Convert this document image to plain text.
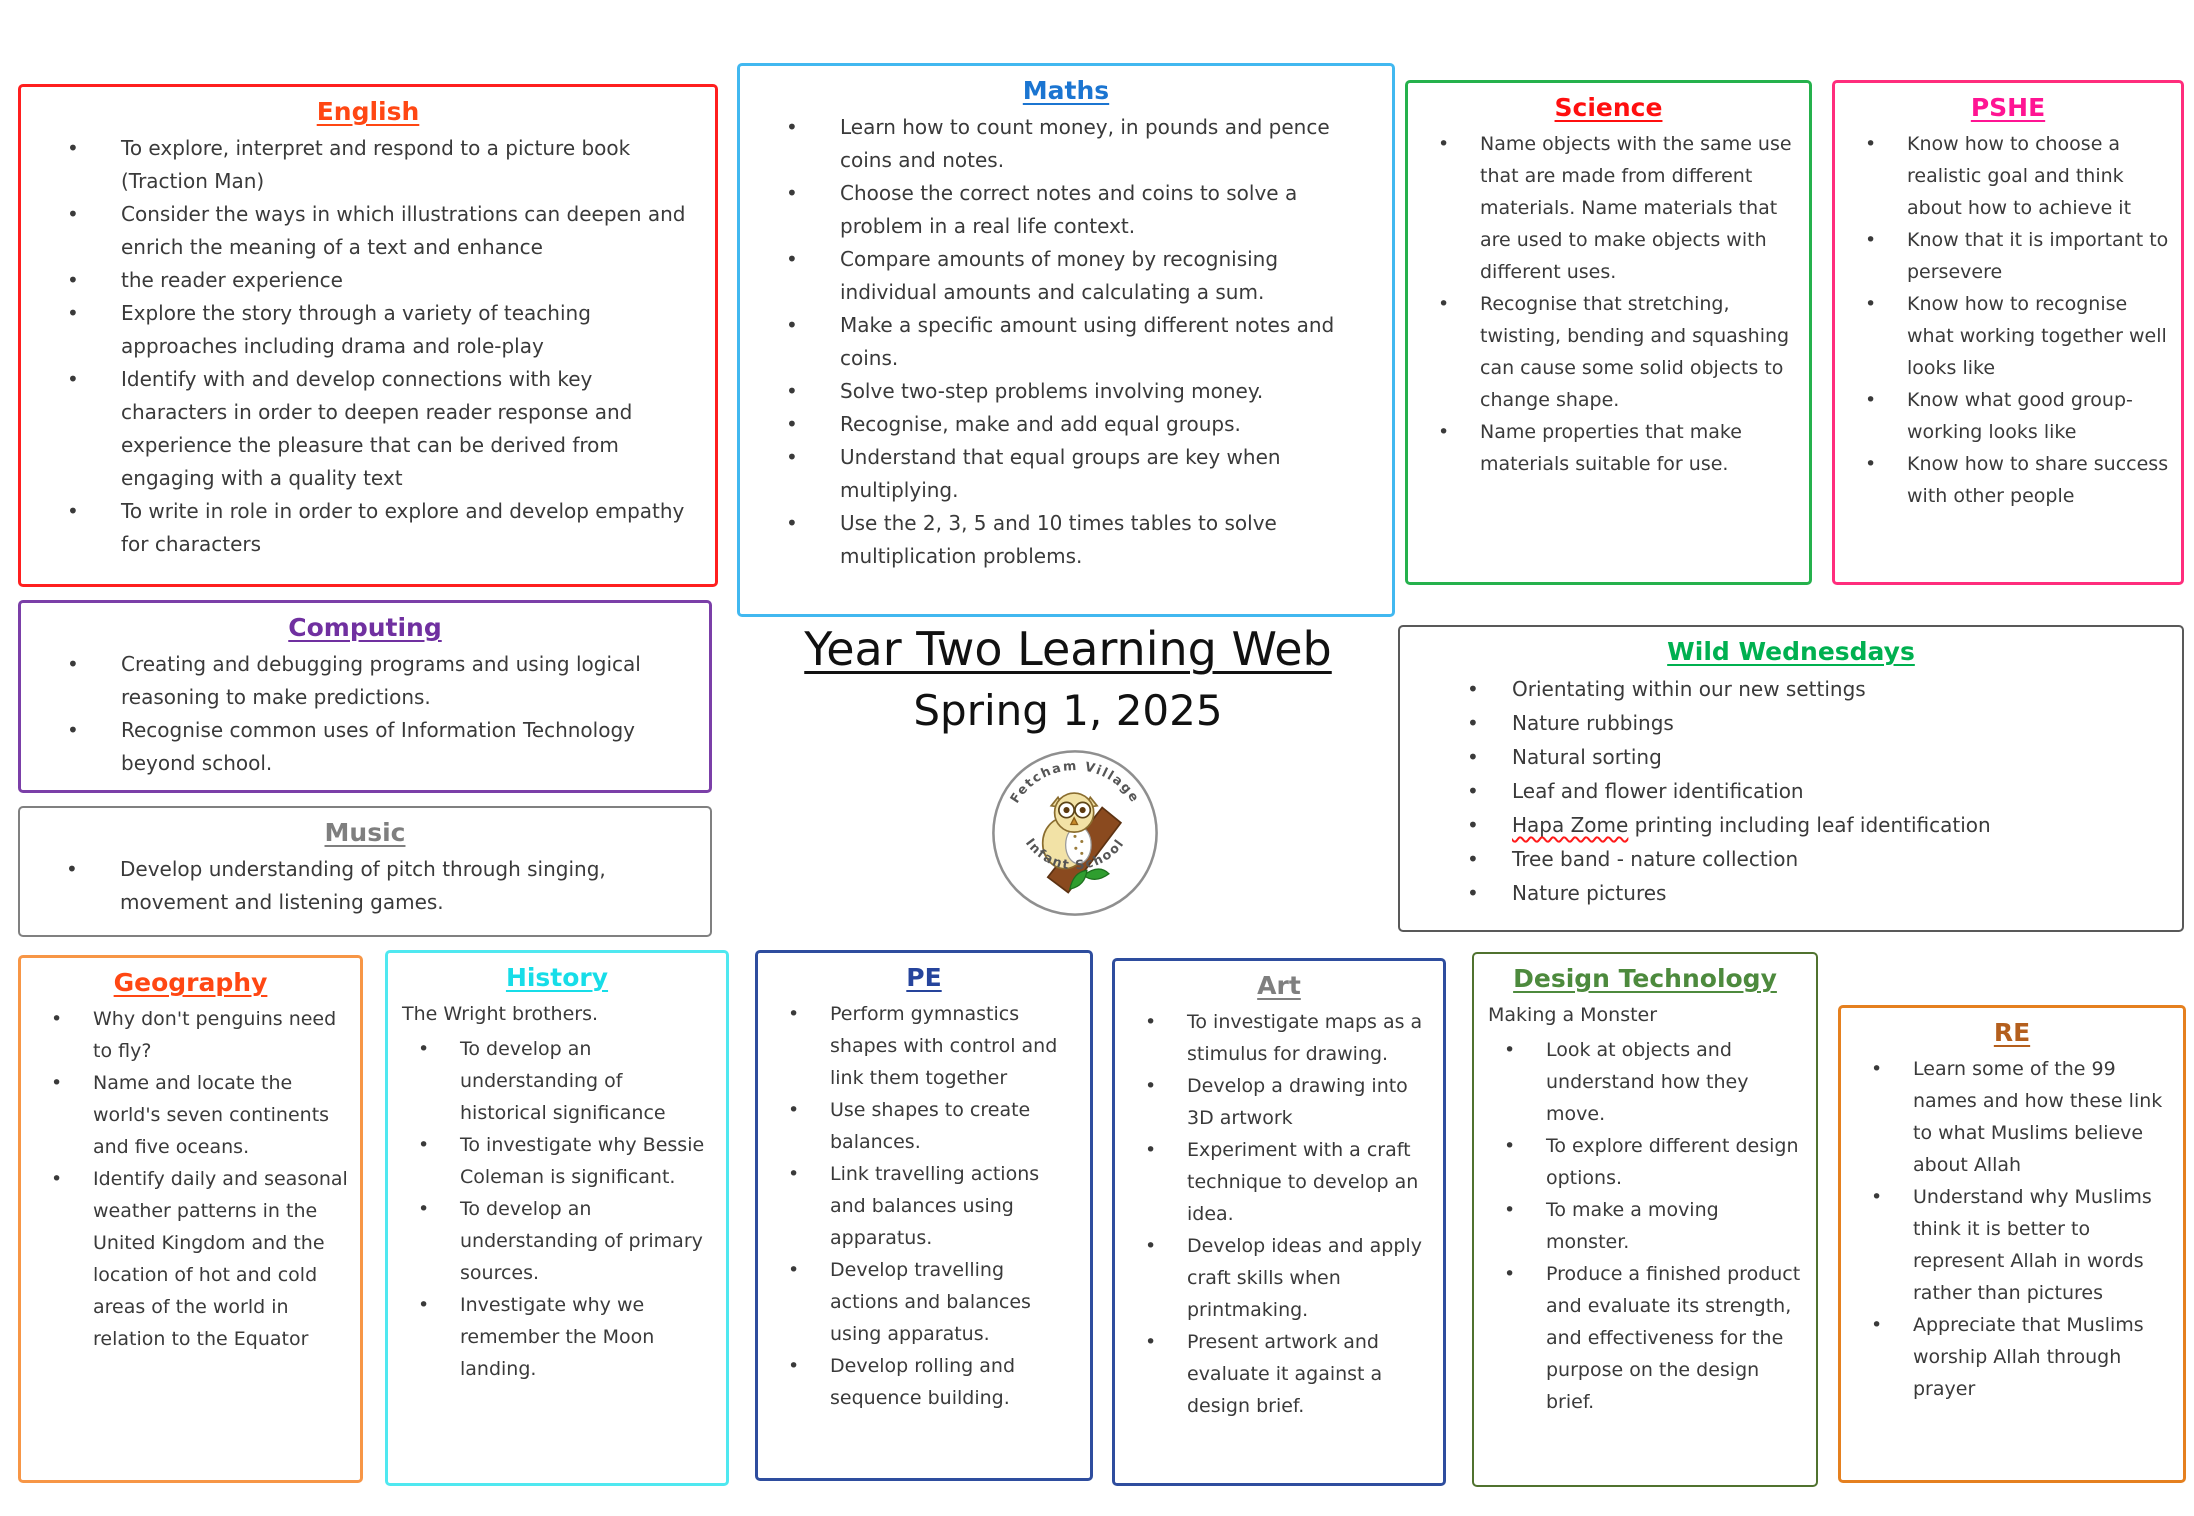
English
• To explore, interpret and respond to a picture book (Traction Man)
• Consider the ways in which illustrations can deepen and enrich the meaning of a text and enhance
• the reader experience
• Explore the story through a variety of teaching approaches including drama and role-play
• Identify with and develop connections with key characters in order to deepen reader response and experience the pleasure that can be derived from engaging with a quality text
• To write in role in order to explore and develop empathy for characters
Maths
• Learn how to count money, in pounds and pence coins and notes.
• Choose the correct notes and coins to solve a problem in a real life context.
• Compare amounts of money by recognising individual amounts and calculating a sum.
• Make a specific amount using different notes and coins.
• Solve two-step problems involving money.
• Recognise, make and add equal groups.
• Understand that equal groups are key when multiplying.
• Use the 2, 3, 5 and 10 times tables to solve multiplication problems.
Science
• Name objects with the same use that are made from different materials. Name materials that are used to make objects with different uses.
• Recognise that stretching, twisting, bending and squashing can cause some solid objects to change shape.
• Name properties that make materials suitable for use.
PSHE
• Know how to choose a realistic goal and think about how to achieve it
• Know that it is important to persevere
• Know how to recognise what working together well looks like
• Know what good group-working looks like
• Know how to share success with other people
Computing
• Creating and debugging programs and using logical reasoning to make predictions.
• Recognise common uses of Information Technology beyond school.
Music
• Develop understanding of pitch through singing, movement and listening games.
Year Two Learning Web
Spring 1, 2025
Fetcham Village
Infant School
Wild Wednesdays
• Orientating within our new settings
• Nature rubbings
• Natural sorting
• Leaf and flower identification
• Hapa Zome printing including leaf identification
• Tree band - nature collection
• Nature pictures
Geography
• Why don't penguins need to fly?
• Name and locate the world's seven continents and five oceans.
• Identify daily and seasonal weather patterns in the United Kingdom and the location of hot and cold areas of the world in relation to the Equator
History

The Wright brothers.

• To develop an understanding of historical significance
• To investigate why Bessie Coleman is significant.
• To develop an understanding of primary sources.
• Investigate why we remember the Moon landing.
PE
• Perform gymnastics shapes with control and link them together
• Use shapes to create balances.
• Link travelling actions and balances using apparatus.
• Develop travelling actions and balances using apparatus.
• Develop rolling and sequence building.
Art
• To investigate maps as a stimulus for drawing.
• Develop a drawing into 3D artwork
• Experiment with a craft technique to develop an idea.
• Develop ideas and apply craft skills when printmaking.
• Present artwork and evaluate it against a design brief.
Design Technology

Making a Monster

• Look at objects and understand how they move.
• To explore different design options.
• To make a moving monster.
• Produce a finished product and evaluate its strength, and effectiveness for the purpose on the design brief.
RE
• Learn some of the 99 names and how these link to what Muslims believe about Allah
• Understand why Muslims think it is better to represent Allah in words rather than pictures
• Appreciate that Muslims worship Allah through prayer
